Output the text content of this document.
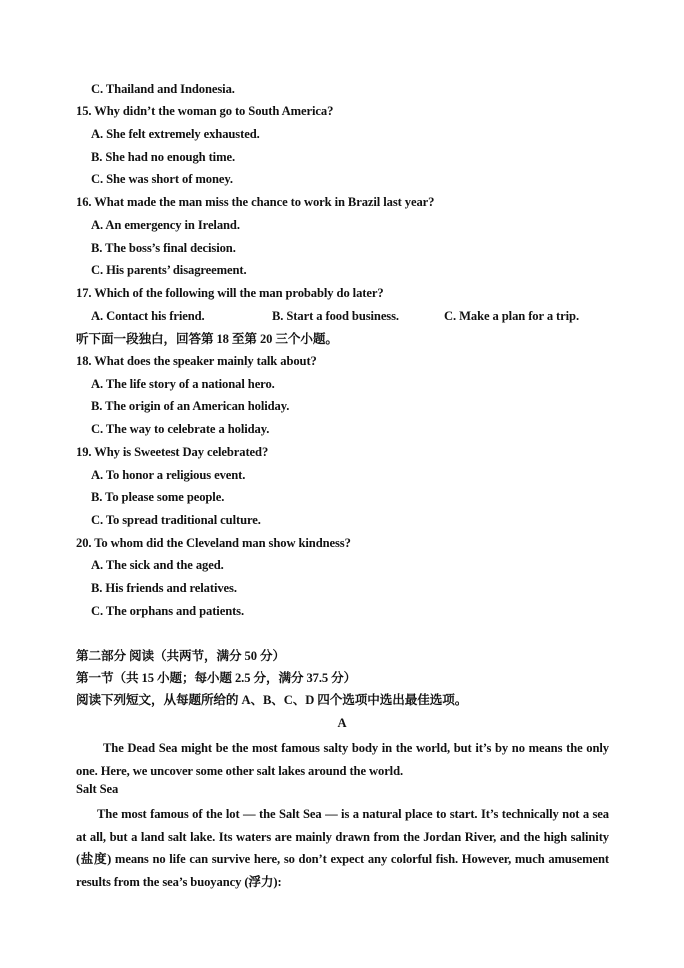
C. Thailand and Indonesia.
15. Why didn’t the woman go to South America?
A. She felt extremely exhausted.
B. She had no enough time.
C. She was short of money.
16. What made the man miss the chance to work in Brazil last year?
A. An emergency in Ireland.
B. The boss’s final decision.
C. His parents’ disagreement.
17. Which of the following will the man probably do later?
A. Contact his friend.	B. Start a food business.	C. Make a plan for a trip.
听下面一段独白，回答第 18 至第 20 三个小题。
18. What does the speaker mainly talk about?
A. The life story of a national hero.
B. The origin of an American holiday.
C. The way to celebrate a holiday.
19. Why is Sweetest Day celebrated?
A. To honor a religious event.
B. To please some people.
C. To spread traditional culture.
20. To whom did the Cleveland man show kindness?
A. The sick and the aged.
B. His friends and relatives.
C. The orphans and patients.
第二部分 阅读（共两节，满分 50 分）
第一节（共 15 小题；每小题 2.5 分，满分 37.5 分）
阅读下列短文，从每题所给的 A、B、C、D 四个选项中选出最佳选项。
A
The Dead Sea might be the most famous salty body in the world, but it’s by no means the only one. Here, we uncover some other salt lakes around the world.
Salt Sea
The most famous of the lot — the Salt Sea — is a natural place to start. It’s technically not a sea at all, but a land salt lake. Its waters are mainly drawn from the Jordan River, and the high salinity (盐度) means no life can survive here, so don’t expect any colorful fish. However, much amusement results from the sea’s buoyancy (浮力):
